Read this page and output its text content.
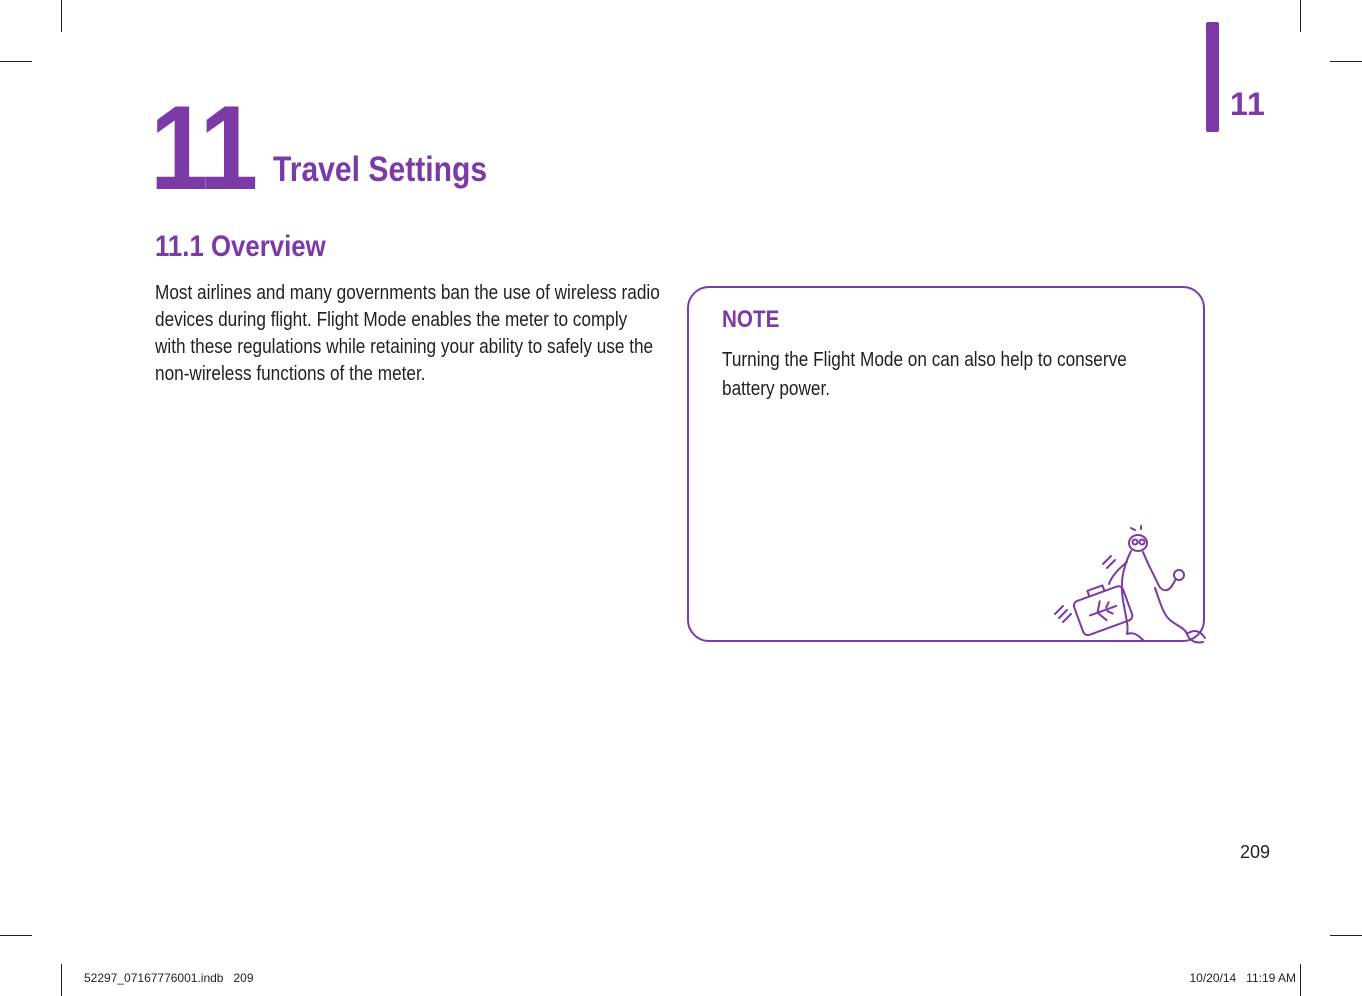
11
11 Travel Settings
11.1 Overview
Most airlines and many governments ban the use of wireless radio devices during flight. Flight Mode enables the meter to comply with these regulations while retaining your ability to safely use the non-wireless functions of the meter.
NOTE
Turning the Flight Mode on can also help to conserve battery power.
209
52297_07167776001.indb   209	10/20/14   11:19 AM
